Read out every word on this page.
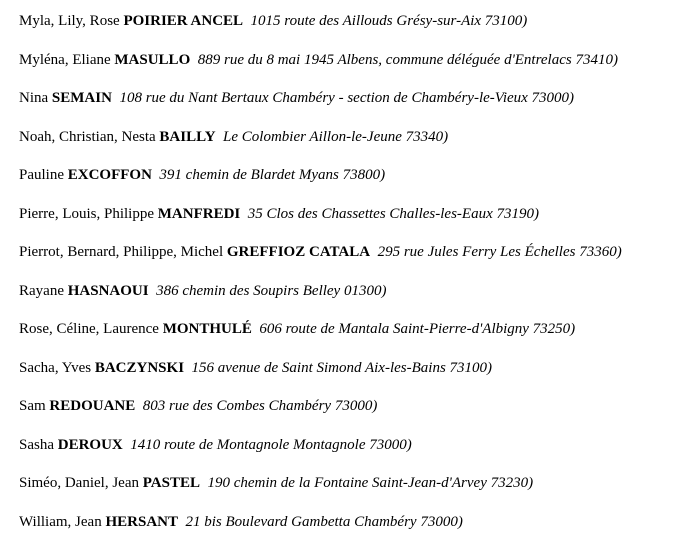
Myla, Lily, Rose POIRIER ANCEL 1015 route des Aillouds Grésy-sur-Aix 73100)
Myléna, Eliane MASULLO 889 rue du 8 mai 1945 Albens, commune déléguée d'Entrelacs 73410)
Nina SEMAIN 108 rue du Nant Bertaux Chambéry - section de Chambéry-le-Vieux 73000)
Noah, Christian, Nesta BAILLY Le Colombier Aillon-le-Jeune 73340)
Pauline EXCOFFON 391 chemin de Blardet Myans 73800)
Pierre, Louis, Philippe MANFREDI 35 Clos des Chassettes Challes-les-Eaux 73190)
Pierrot, Bernard, Philippe, Michel GREFFIOZ CATALA 295 rue Jules Ferry Les Échelles 73360)
Rayane HASNAOUI 386 chemin des Soupirs Belley 01300)
Rose, Céline, Laurence MONTHULÉ 606 route de Mantala Saint-Pierre-d'Albigny 73250)
Sacha, Yves BACZYNSKI 156 avenue de Saint Simond Aix-les-Bains 73100)
Sam REDOUANE 803 rue des Combes Chambéry 73000)
Sasha DEROUX 1410 route de Montagnole Montagnole 73000)
Siméo, Daniel, Jean PASTEL 190 chemin de la Fontaine Saint-Jean-d'Arvey 73230)
William, Jean HERSANT 21 bis Boulevard Gambetta Chambéry 73000)
